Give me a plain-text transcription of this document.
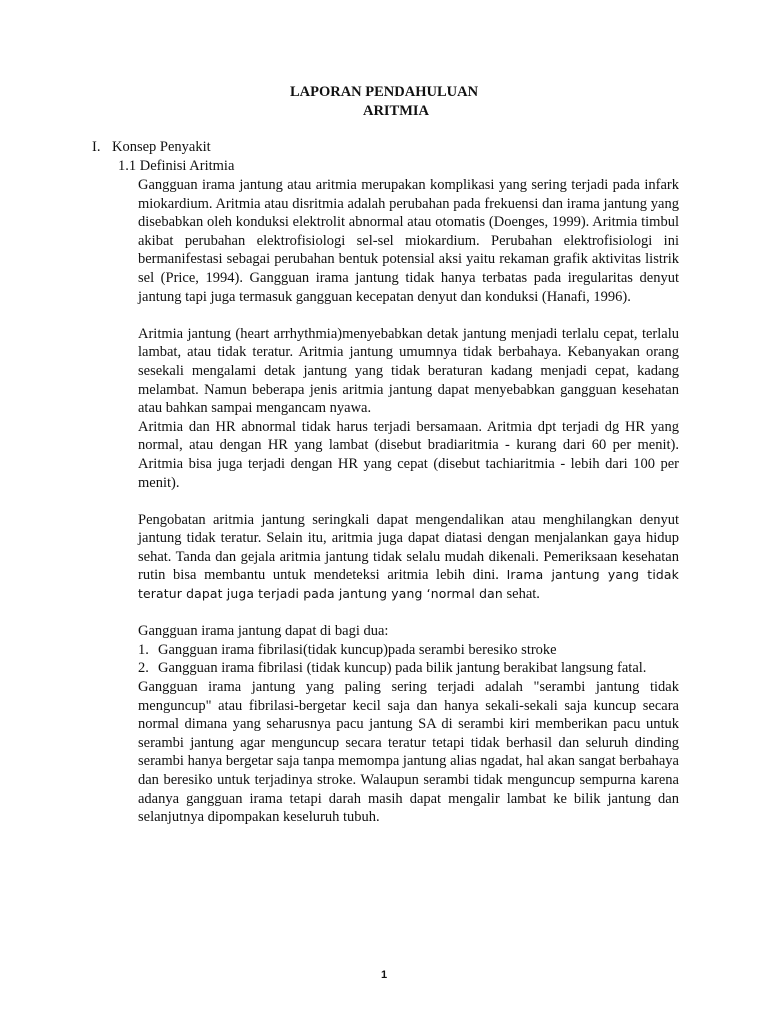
LAPORAN PENDAHULUAN
ARITMIA
I. Konsep Penyakit
1.1 Definisi Aritmia

Gangguan irama jantung atau aritmia merupakan komplikasi yang sering terjadi pada infark miokardium. Aritmia atau disritmia adalah perubahan pada frekuensi dan irama jantung yang disebabkan oleh konduksi elektrolit abnormal atau otomatis (Doenges, 1999). Aritmia timbul akibat perubahan elektrofisiologi sel-sel miokardium. Perubahan elektrofisiologi ini bermanifestasi sebagai perubahan bentuk potensial aksi yaitu rekaman grafik aktivitas listrik sel (Price, 1994). Gangguan irama jantung tidak hanya terbatas pada iregularitas denyut jantung tapi juga termasuk gangguan kecepatan denyut dan konduksi (Hanafi, 1996).

Aritmia jantung (heart arrhythmia)menyebabkan detak jantung menjadi terlalu cepat, terlalu lambat, atau tidak teratur. Aritmia jantung umumnya tidak berbahaya. Kebanyakan orang sesekali mengalami detak jantung yang tidak beraturan kadang menjadi cepat, kadang melambat. Namun beberapa jenis aritmia jantung dapat menyebabkan gangguan kesehatan atau bahkan sampai mengancam nyawa.

Aritmia dan HR abnormal tidak harus terjadi bersamaan. Aritmia dpt terjadi dg HR yang normal, atau dengan HR yang lambat (disebut bradiaritmia - kurang dari 60 per menit). Aritmia bisa juga terjadi dengan HR yang cepat (disebut tachiaritmia - lebih dari 100 per menit).

Pengobatan aritmia jantung seringkali dapat mengendalikan atau menghilangkan denyut jantung tidak teratur. Selain itu, aritmia juga dapat diatasi dengan menjalankan gaya hidup sehat. Tanda dan gejala aritmia jantung tidak selalu mudah dikenali. Pemeriksaan kesehatan rutin bisa membantu untuk mendeteksi aritmia lebih dini. Irama jantung yang tidak teratur dapat juga terjadi pada jantung yang ‘normal dan sehat.

Gangguan irama jantung dapat di bagi dua:

1. Gangguan irama fibrilasi(tidak kuncup)pada serambi beresiko stroke
2. Gangguan irama fibrilasi (tidak kuncup) pada bilik jantung berakibat langsung fatal.

Gangguan irama jantung yang paling sering terjadi adalah "serambi jantung tidak menguncup" atau fibrilasi-bergetar kecil saja dan hanya sekali-sekali saja kuncup secara normal dimana yang seharusnya pacu jantung SA di serambi kiri memberikan pacu untuk serambi jantung agar menguncup secara teratur tetapi tidak berhasil dan seluruh dinding serambi hanya bergetar saja tanpa memompa jantung alias ngadat, hal akan sangat berbahaya dan beresiko untuk terjadinya stroke. Walaupun serambi tidak menguncup sempurna karena adanya gangguan irama tetapi darah masih dapat mengalir lambat ke bilik jantung dan selanjutnya dipompakan keseluruh tubuh.

1
